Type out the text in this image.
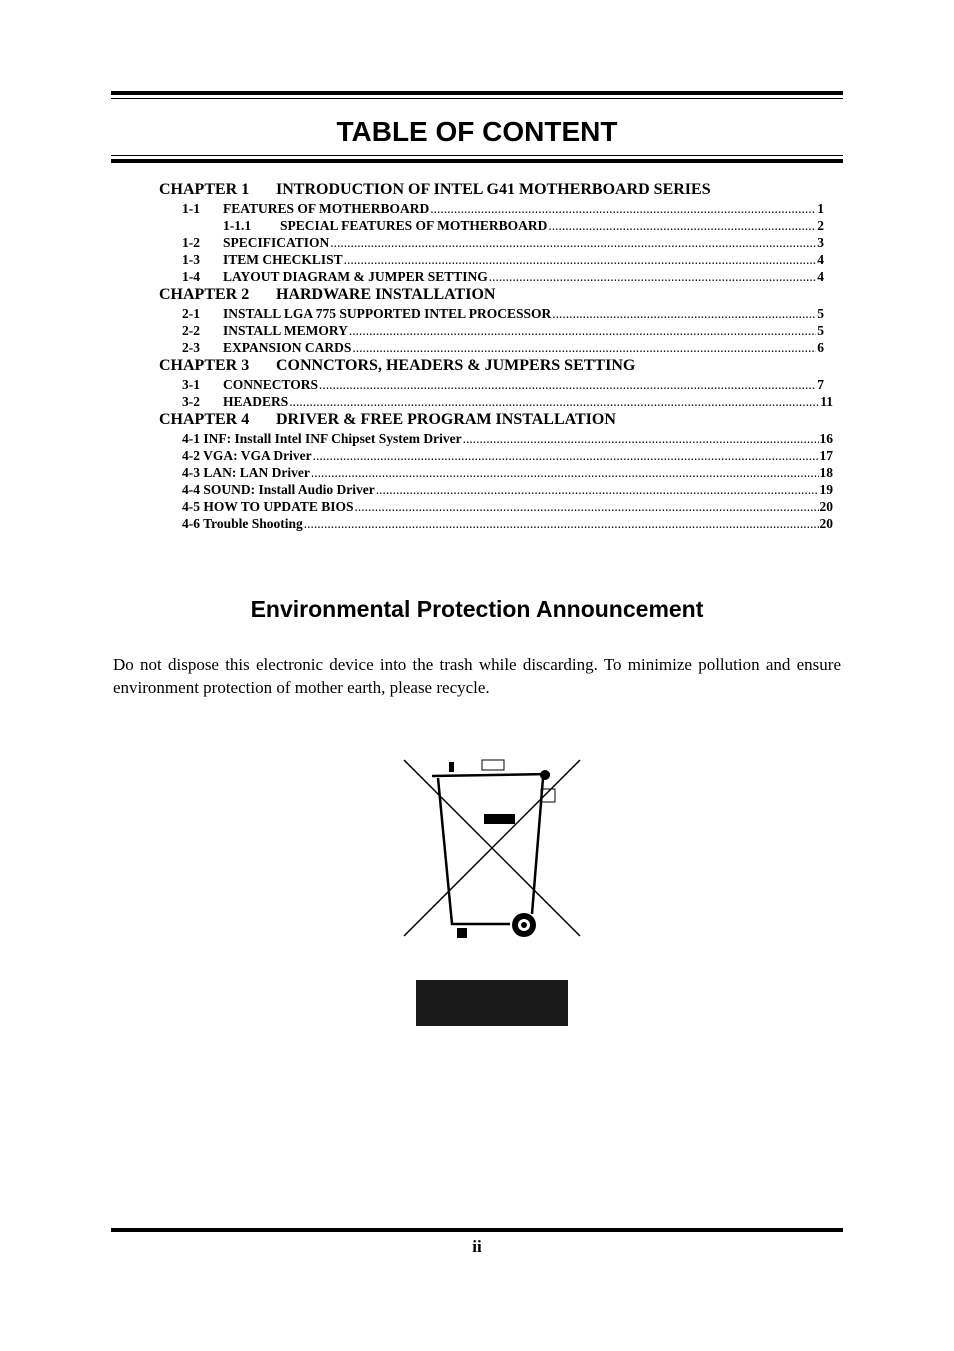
TABLE OF CONTENT
CHAPTER 1 INTRODUCTION OF INTEL G41 MOTHERBOARD SERIES
1-1	FEATURES OF MOTHERBOARD .....	1
1-1.1	SPECIAL FEATURES OF MOTHERBOARD .....	2
1-2	SPECIFICATION .....	3
1-3	ITEM CHECKLIST .....	4
1-4	LAYOUT DIAGRAM & JUMPER SETTING .....	4
CHAPTER 2 HARDWARE INSTALLATION
2-1	INSTALL LGA 775 SUPPORTED INTEL PROCESSOR .....	5
2-2	INSTALL MEMORY .....	5
2-3	EXPANSION CARDS .....	6
CHAPTER 3 CONNCTORS, HEADERS & JUMPERS SETTING
3-1	CONNECTORS .....	7
3-2	HEADERS .....	11
CHAPTER 4 DRIVER & FREE PROGRAM INSTALLATION
4-1 INF: Install Intel INF Chipset System Driver .....	16
4-2 VGA: VGA Driver .....	17
4-3 LAN: LAN Driver .....	18
4-4 SOUND: Install Audio Driver .....	19
4-5 HOW TO UPDATE BIOS .....	20
4-6 Trouble Shooting .....	20
Environmental Protection Announcement
Do not dispose this electronic device into the trash while discarding. To minimize pollution and ensure environment protection of mother earth, please recycle.
ii
